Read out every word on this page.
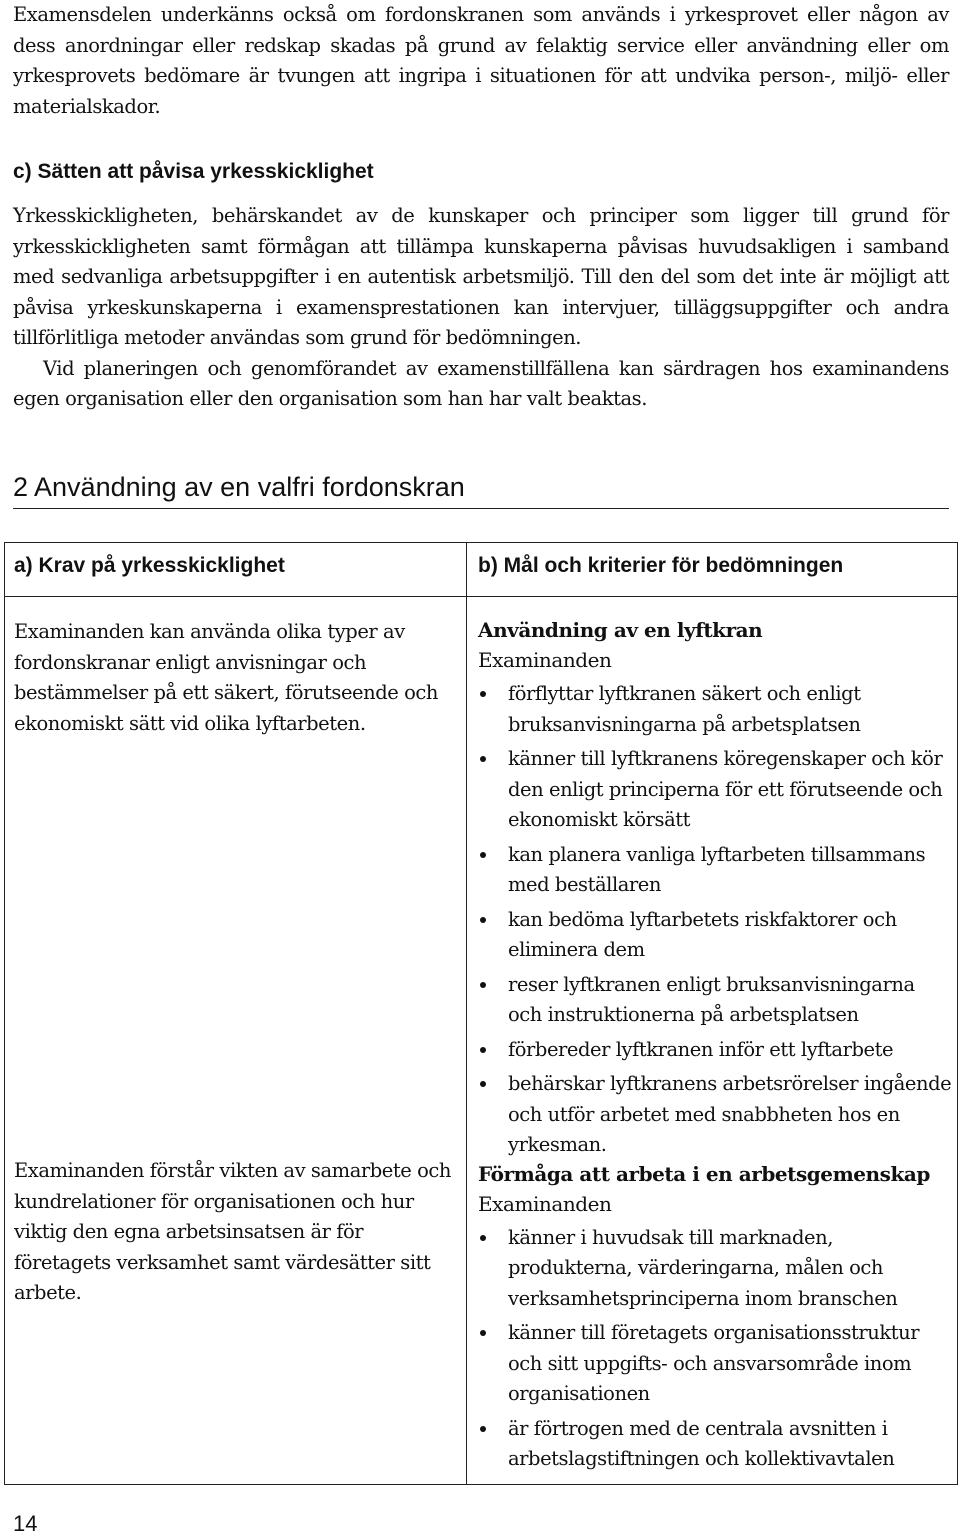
Examensdelen underkänns också om fordonskranen som används i yrkesprovet eller någon av dess anordningar eller redskap skadas på grund av felaktig service eller användning eller om yrkesprovets bedömare är tvungen att ingripa i situationen för att undvika person-, miljö- eller materialskador.

c) Sätten att påvisa yrkesskicklighet

Yrkesskickligheten, behärskandet av de kunskaper och principer som ligger till grund för yrkesskickligheten samt förmågan att tillämpa kunskaperna påvisas huvudsakligen i samband med sedvanliga arbetsuppgifter i en autentisk arbetsmiljö. Till den del som det inte är möjligt att påvisa yrkeskunskaperna i examensprestationen kan intervjuer, tilläggsuppgifter och andra tillförlitliga metoder användas som grund för bedömningen.

Vid planeringen och genomförandet av examenstillfällena kan särdragen hos examinandens egen organisation eller den organisation som han har valt beaktas.

2 Användning av en valfri fordonskran
a) Krav på yrkesskicklighet	b) Mål och kriterier för bedömningen

Examinanden kan använda olika typer av fordonskranar enligt anvisningar och bestämmelser på ett säkert, förutseende och ekonomiskt sätt vid olika lyftarbeten.

Examinanden förstår vikten av samarbete och kundrelationer för organisationen och hur viktig den egna arbetsinsatsen är för företagets verksamhet samt värdesätter sitt arbete.

Användning av en lyftkran

Examinanden

förflyttar lyftkranen säkert och enligt bruksanvisningarna på arbetsplatsen
känner till lyftkranens köregenskaper och kör den enligt principerna för ett förutseende och ekonomiskt körsätt
kan planera vanliga lyftarbeten tillsammans med beställaren
kan bedöma lyftarbetets riskfaktorer och eliminera dem
reser lyftkranen enligt bruksanvisningarna och instruktionerna på arbetsplatsen
förbereder lyftkranen inför ett lyftarbete
behärskar lyftkranens arbetsrörelser ingående och utför arbetet med snabbheten hos en yrkesman.

Förmåga att arbeta i en arbetsgemenskap

Examinanden

känner i huvudsak till marknaden, produkterna, värderingarna, målen och verksamhetsprinciperna inom branschen
känner till företagets organisationsstruktur och sitt uppgifts- och ansvarsområde inom organisationen
är förtrogen med de centrala avsnitten i arbetslagstiftningen och kollektivavtalen

14
